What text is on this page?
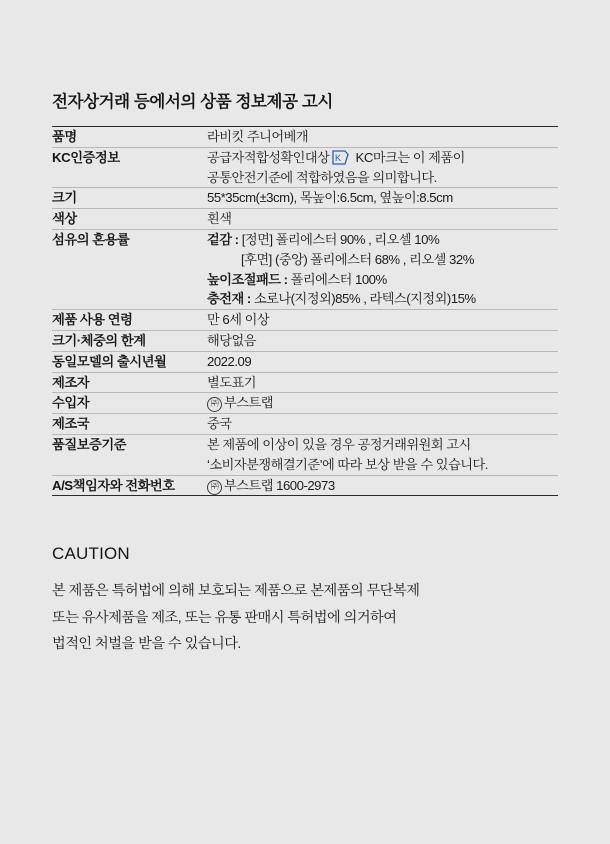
전자상거래 등에서의 상품 정보제공 고시
품명	라비킷 주니어베개

KC인증정보	공급자적합성확인대상 K KC마크는 이 제품이
공통안전기준에 적합하였음을 의미합니다.

크기	55*35cm(±3cm), 목높이:6.5cm, 옆높이:8.5cm

색상	흰색

섬유의 혼용률	겉감 : [정면] 폴리에스터 90% , 리오셀 10%
[후면] (중앙) 폴리에스터 68% , 리오셀 32%
높이조절패드 : 폴리에스터 100%
충전재 : 소로나(지정외)85% , 라텍스(지정외)15%

제품 사용 연령	만 6세 이상

크기·체중의 한계	해당없음

동일모델의 출시년월	2022.09

제조자	별도표기

수입자	㈜ 부스트랩

제조국	중국

품질보증기준	본 제품에 이상이 있을 경우 공정거래위원회 고시
‘소비자분쟁해결기준’에 따라 보상 받을 수 있습니다.

A/S책임자와 전화번호	㈜ 부스트랩 1600-2973
CAUTION
본 제품은 특허법에 의해 보호되는 제품으로 본제품의 무단복제
또는 유사제품을 제조, 또는 유통 판매시 특허법에 의거하여
법적인 처벌을 받을 수 있습니다.
